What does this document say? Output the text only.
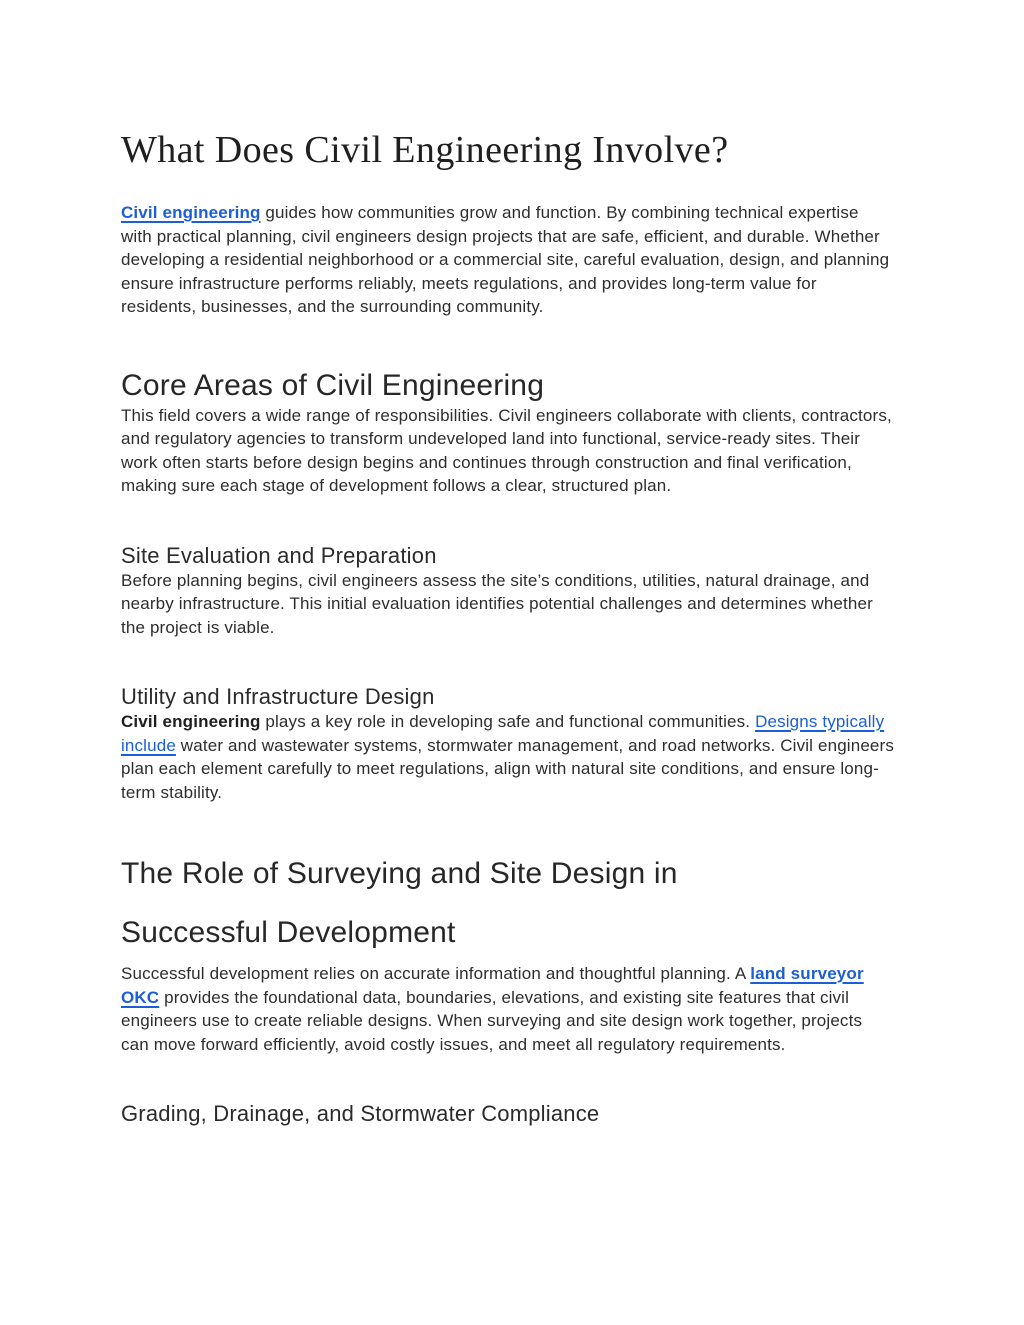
What Does Civil Engineering Involve?

Civil engineering guides how communities grow and function. By combining technical expertise with practical planning, civil engineers design projects that are safe, efficient, and durable. Whether developing a residential neighborhood or a commercial site, careful evaluation, design, and planning ensure infrastructure performs reliably, meets regulations, and provides long-term value for residents, businesses, and the surrounding community.

Core Areas of Civil Engineering

This field covers a wide range of responsibilities. Civil engineers collaborate with clients, contractors, and regulatory agencies to transform undeveloped land into functional, service-ready sites. Their work often starts before design begins and continues through construction and final verification, making sure each stage of development follows a clear, structured plan.

Site Evaluation and Preparation

Before planning begins, civil engineers assess the site’s conditions, utilities, natural drainage, and nearby infrastructure. This initial evaluation identifies potential challenges and determines whether the project is viable.

Utility and Infrastructure Design

Civil engineering plays a key role in developing safe and functional communities. Designs typically include water and wastewater systems, stormwater management, and road networks. Civil engineers plan each element carefully to meet regulations, align with natural site conditions, and ensure long-term stability.

The Role of Surveying and Site Design in
Successful Development

Successful development relies on accurate information and thoughtful planning. A land surveyor OKC provides the foundational data, boundaries, elevations, and existing site features that civil engineers use to create reliable designs. When surveying and site design work together, projects can move forward efficiently, avoid costly issues, and meet all regulatory requirements.

Grading, Drainage, and Stormwater Compliance
